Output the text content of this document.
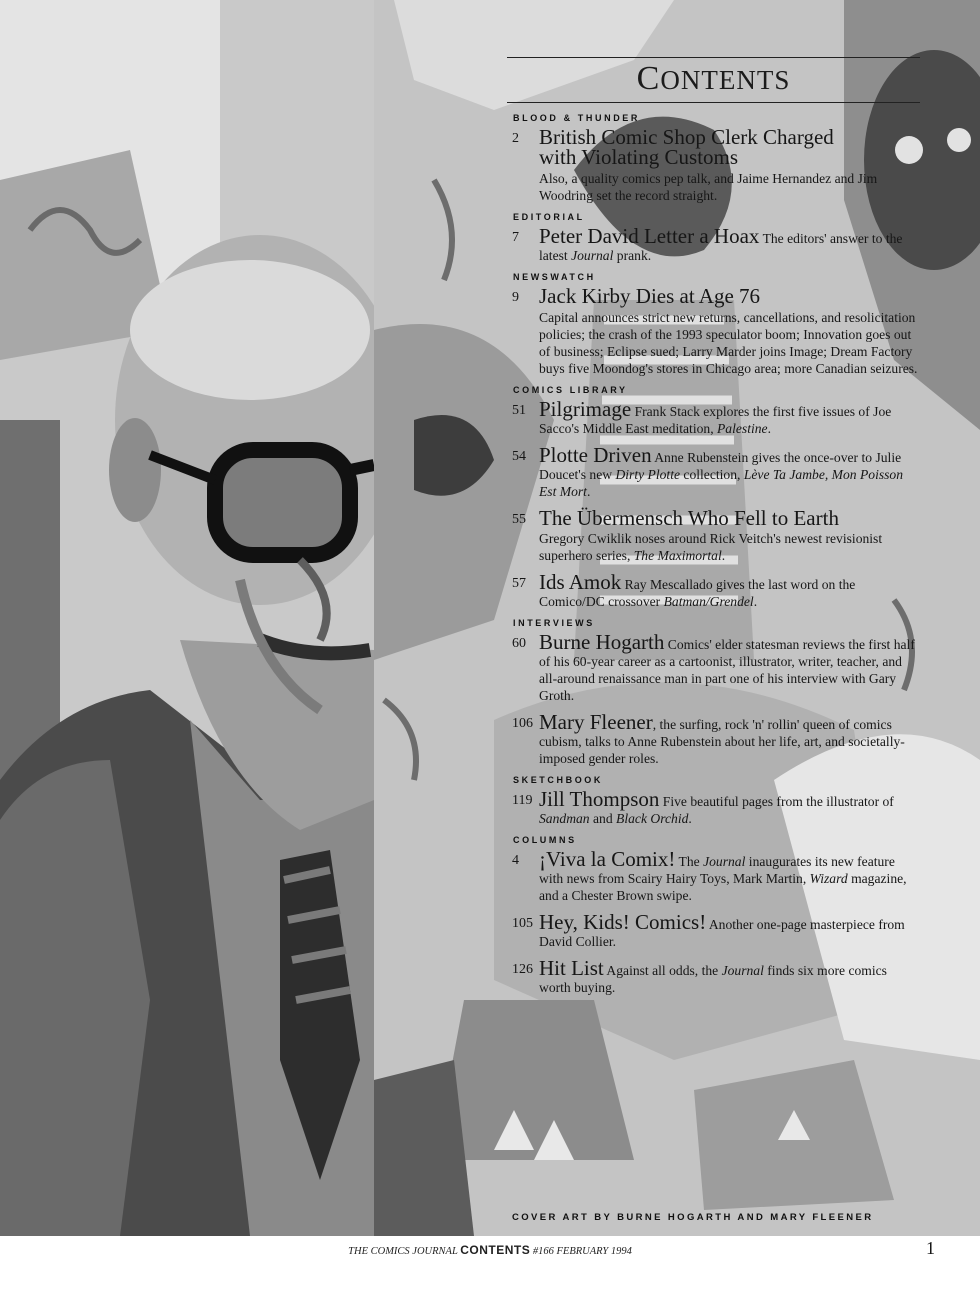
CONTENTS
BLOOD & THUNDER
2 British Comic Shop Clerk Charged with Violating Customs
Also, a quality comics pep talk, and Jaime Hernandez and Jim Woodring set the record straight.
EDITORIAL
7 Peter David Letter a Hoax The editors' answer to the latest Journal prank.
NEWSWATCH
9 Jack Kirby Dies at Age 76
Capital announces strict new returns, cancellations, and resolicitation policies; the crash of the 1993 speculator boom; Innovation goes out of business; Eclipse sued; Larry Marder joins Image; Dream Factory buys five Moondog's stores in Chicago area; more Canadian seizures.
COMICS LIBRARY
51 Pilgrimage Frank Stack explores the first five issues of Joe Sacco's Middle East meditation, Palestine.
54 Plotte Driven Anne Rubenstein gives the once-over to Julie Doucet's new Dirty Plotte collection, Lève Ta Jambe, Mon Poisson Est Mort.
55 The Übermensch Who Fell to Earth
Gregory Cwiklik noses around Rick Veitch's newest revisionist superhero series, The Maximortal.
57 Ids Amok Ray Mescallado gives the last word on the Comico/DC crossover Batman/Grendel.
INTERVIEWS
60 Burne Hogarth Comics' elder statesman reviews the first half of his 60-year career as a cartoonist, illustrator, writer, teacher, and all-around renaissance man in part one of his interview with Gary Groth.
106 Mary Fleener, the surfing, rock 'n' rollin' queen of comics cubism, talks to Anne Rubenstein about her life, art, and societally-imposed gender roles.
SKETCHBOOK
119 Jill Thompson Five beautiful pages from the illustrator of Sandman and Black Orchid.
COLUMNS
4 ¡Viva la Comix! The Journal inaugurates its new feature with news from Scairy Hairy Toys, Mark Martin, Wizard magazine, and a Chester Brown swipe.
105 Hey, Kids! Comics! Another one-page masterpiece from David Collier.
126 Hit List Against all odds, the Journal finds six more comics worth buying.
COVER ART BY BURNE HOGARTH AND MARY FLEENER
THE COMICS JOURNAL CONTENTS #166 FEBRUARY 1994	1
